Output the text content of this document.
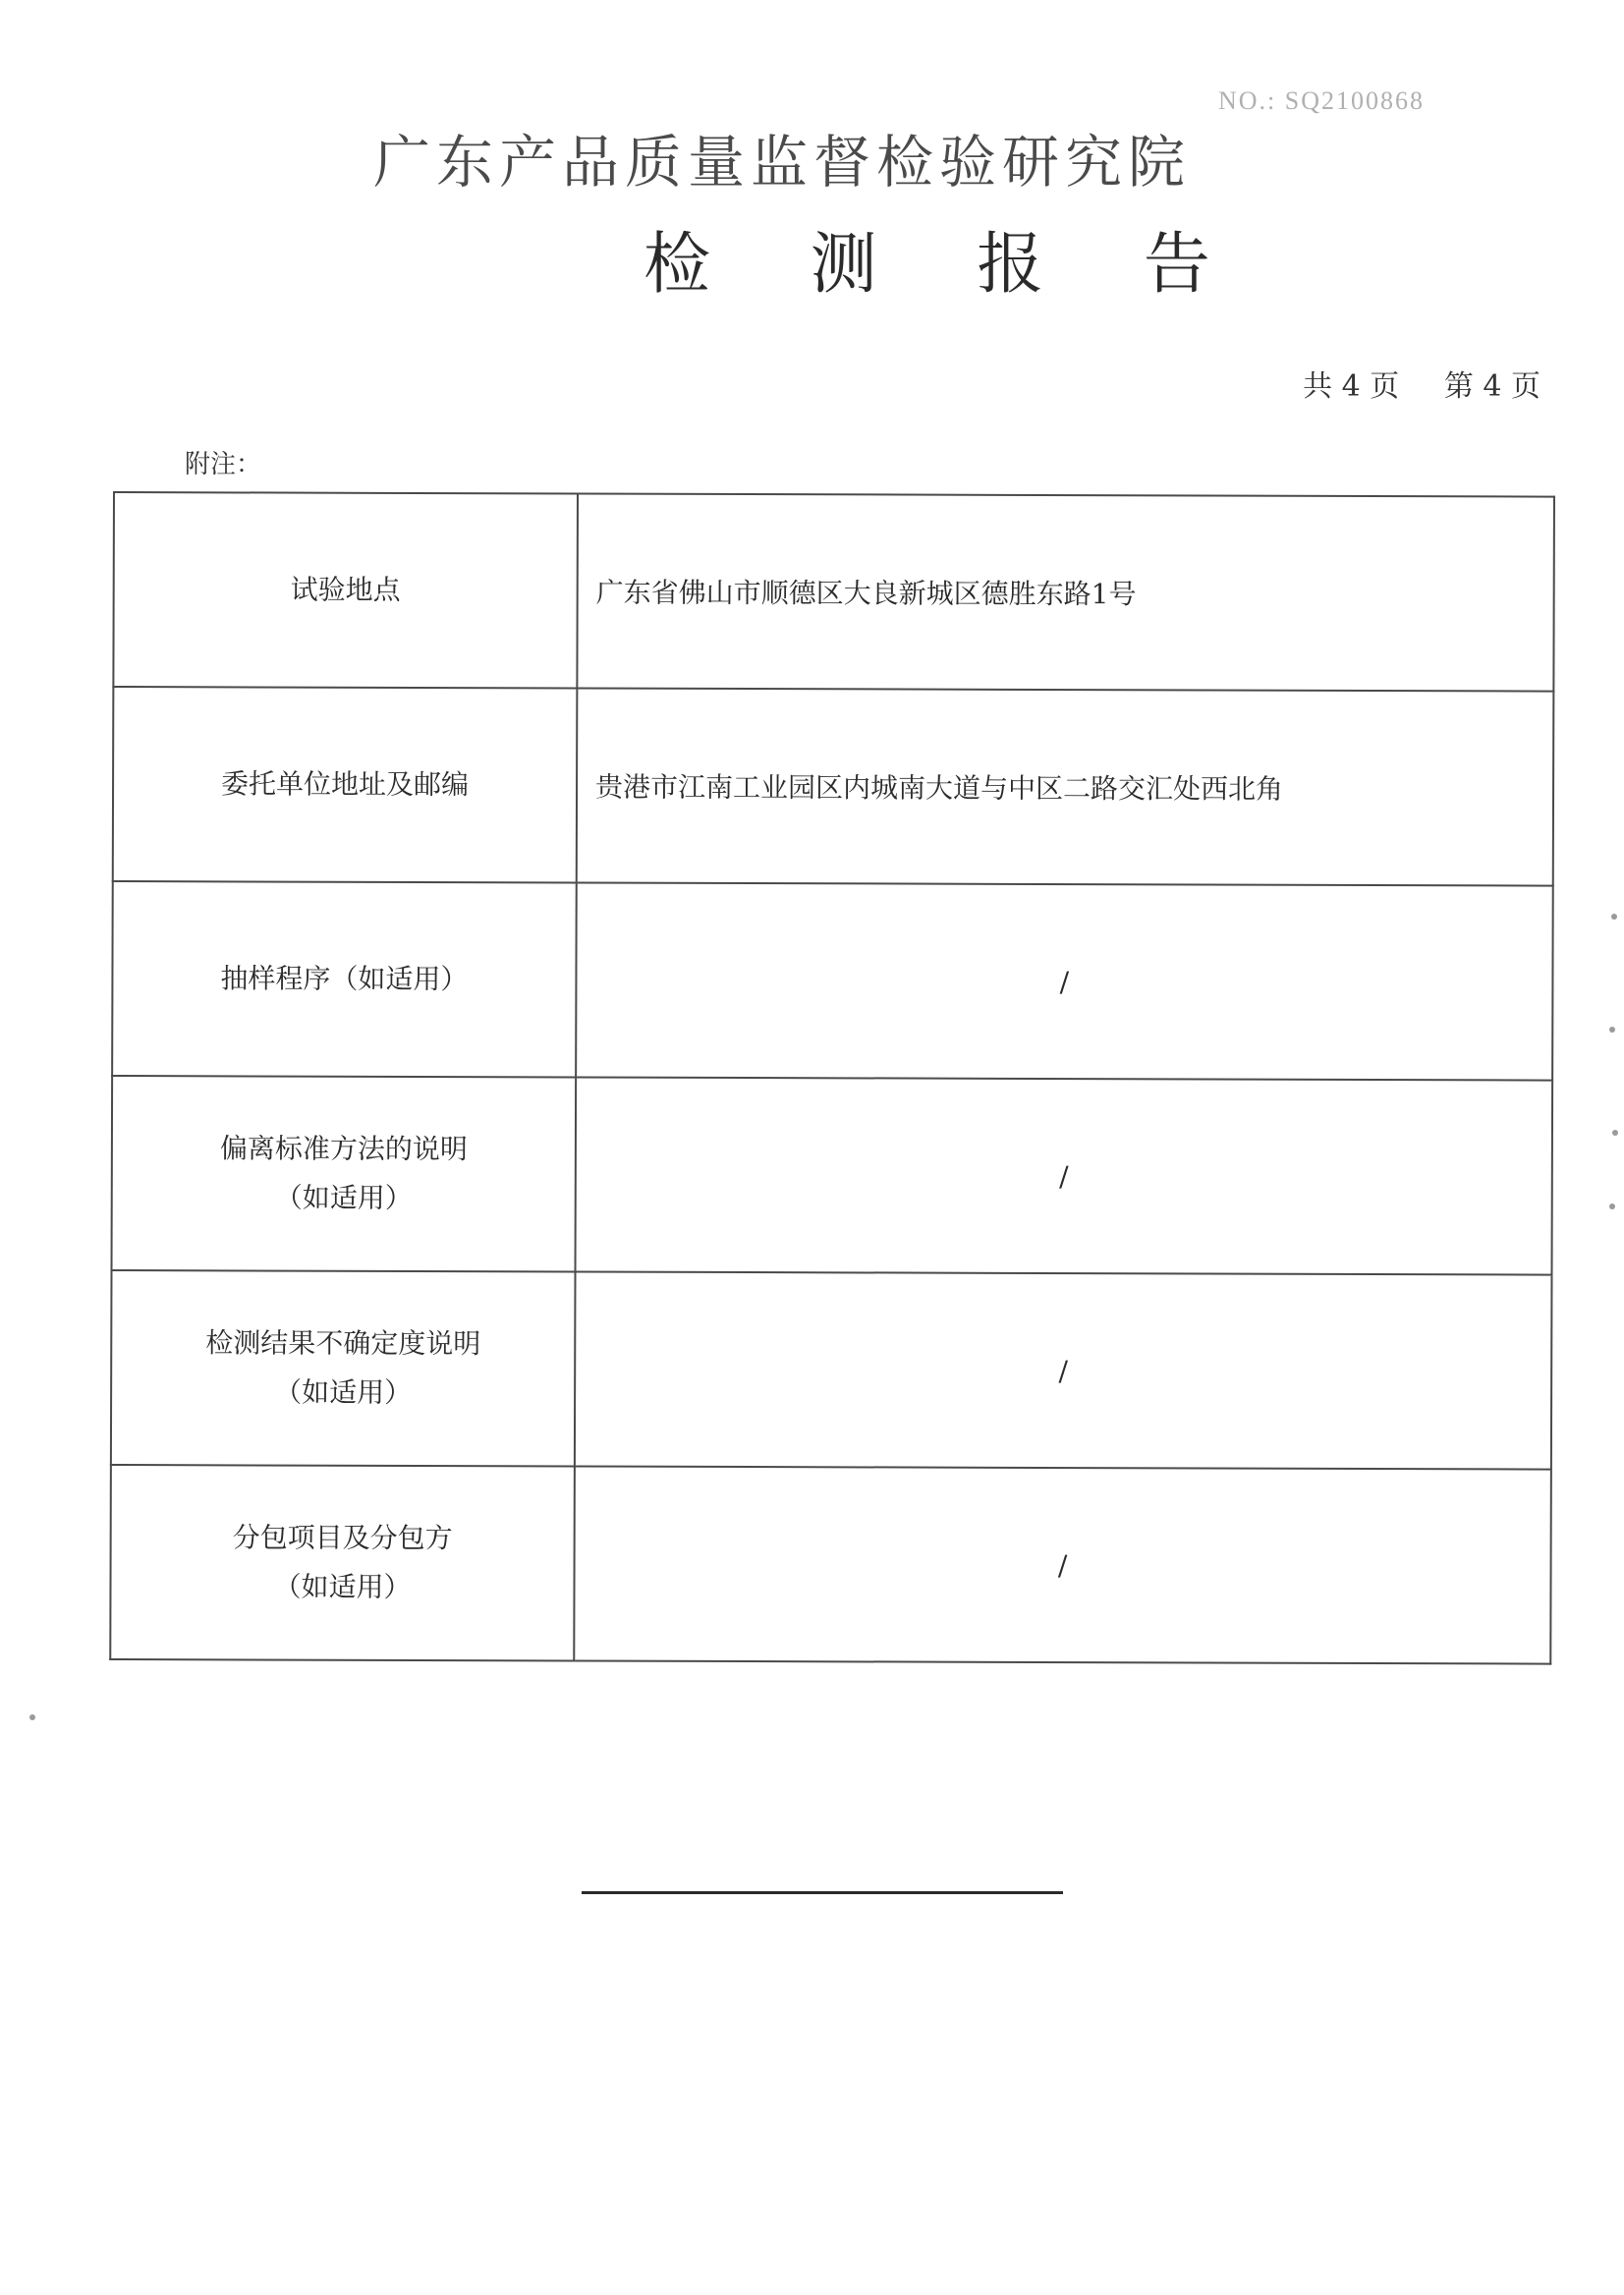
NO.: SQ2100868
广东产品质量监督检验研究院
检 测 报 告
共 4 页 第 4 页
附注：
试验地点	广东省佛山市顺德区大良新城区德胜东路1号

委托单位地址及邮编	贵港市江南工业园区内城南大道与中区二路交汇处西北角

抽样程序（如适用）	/

偏离标准方法的说明
（如适用）	/

检测结果不确定度说明
（如适用）	/

分包项目及分包方
（如适用）	/
